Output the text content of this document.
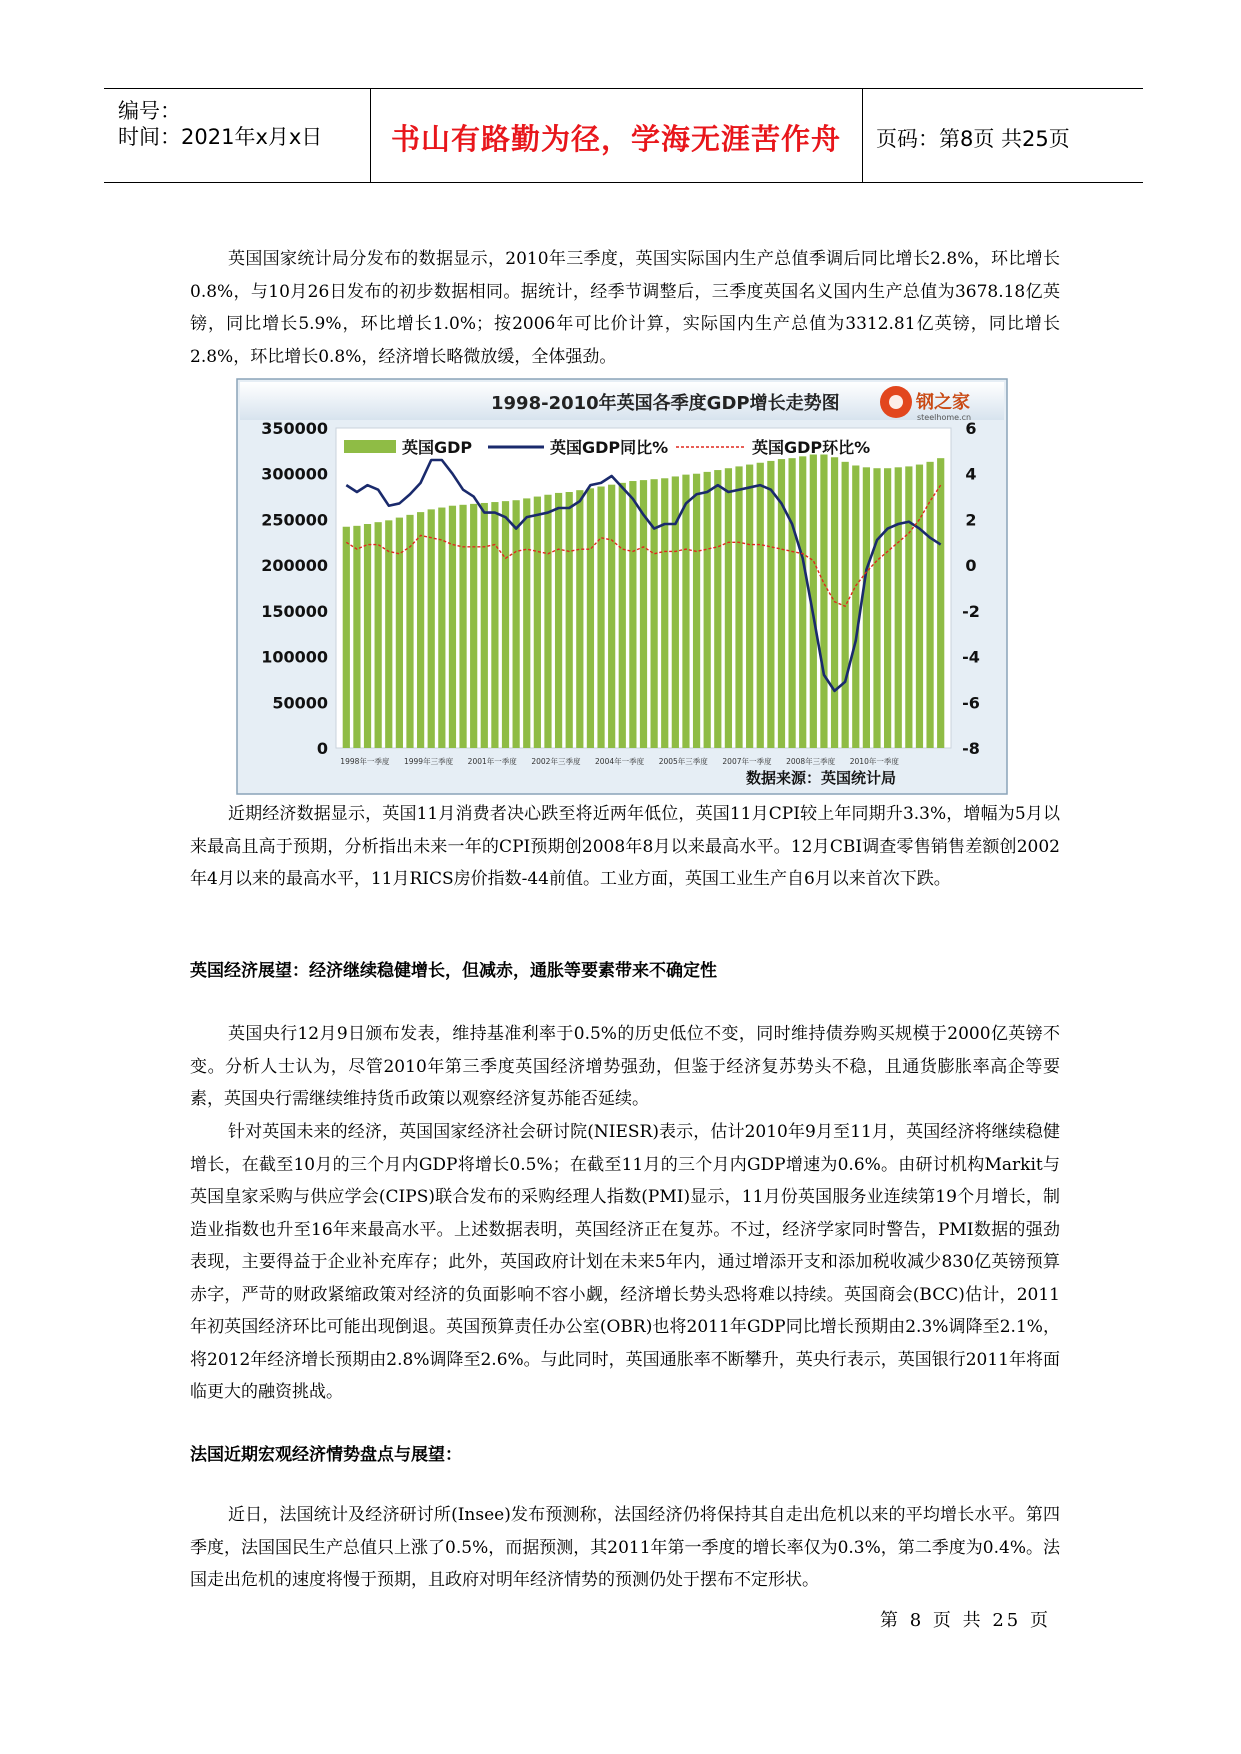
编号：
时间：2021年x月x日	书山有路勤为径，学海无涯苦作舟	页码：第8页 共25页

英国国家统计局分发布的数据显示，2010年三季度，英国实际国内生产总值季调后同比增长2.8%，环比增长0.8%，与10月26日发布的初步数据相同。据统计，经季节调整后，三季度英国名义国内生产总值为3678.18亿英镑，同比增长5.9%，环比增长1.0%；按2006年可比价计算，实际国内生产总值为3312.81亿英镑，同比增长2.8%，环比增长0.8%，经济增长略微放缓，全体强劲。

1998-2010年英国各季度GDP增长走势图	钢之家
steelhome.cn
350000
300000
250000
200000
150000
100000
50000
0
6
4
2
0
-2
-4
-6
-8
1998年一季度 1999年三季度 2001年一季度 2002年三季度 2004年一季度 2005年三季度 2007年一季度 2008年三季度 2010年一季度
英国GDP	英国GDP同比%	英国GDP环比%
数据来源：英国统计局

近期经济数据显示，英国11月消费者决心跌至将近两年低位，英国11月CPI较上年同期升3.3%，增幅为5月以来最高且高于预期，分析指出未来一年的CPI预期创2008年8月以来最高水平。12月CBI调查零售销售差额创2002年4月以来的最高水平，11月RICS房价指数-44前值。工业方面，英国工业生产自6月以来首次下跌。

英国经济展望：经济继续稳健增长，但减赤，通胀等要素带来不确定性

英国央行12月9日颁布发表，维持基准利率于0.5%的历史低位不变，同时维持债券购买规模于2000亿英镑不变。分析人士认为，尽管2010年第三季度英国经济增势强劲，但鉴于经济复苏势头不稳，且通货膨胀率高企等要素，英国央行需继续维持货币政策以观察经济复苏能否延续。

针对英国未来的经济，英国国家经济社会研讨院(NIESR)表示，估计2010年9月至11月，英国经济将继续稳健增长，在截至10月的三个月内GDP将增长0.5%；在截至11月的三个月内GDP增速为0.6%。由研讨机构Markit与英国皇家采购与供应学会(CIPS)联合发布的采购经理人指数(PMI)显示，11月份英国服务业连续第19个月增长，制造业指数也升至16年来最高水平。上述数据表明，英国经济正在复苏。不过，经济学家同时警告，PMI数据的强劲表现，主要得益于企业补充库存；此外，英国政府计划在未来5年内，通过增添开支和添加税收减少830亿英镑预算赤字，严苛的财政紧缩政策对经济的负面影响不容小觑，经济增长势头恐将难以持续。英国商会(BCC)估计，2011年初英国经济环比可能出现倒退。英国预算责任办公室(OBR)也将2011年GDP同比增长预期由2.3%调降至2.1%，将2012年经济增长预期由2.8%调降至2.6%。与此同时，英国通胀率不断攀升，英央行表示，英国银行2011年将面临更大的融资挑战。

法国近期宏观经济情势盘点与展望：

近日，法国统计及经济研讨所(Insee)发布预测称，法国经济仍将保持其自走出危机以来的平均增长水平。第四季度，法国国民生产总值只上涨了0.5%，而据预测，其2011年第一季度的增长率仅为0.3%，第二季度为0.4%。法国走出危机的速度将慢于预期，且政府对明年经济情势的预测仍处于摆布不定形状。

第 8 页 共 25 页
